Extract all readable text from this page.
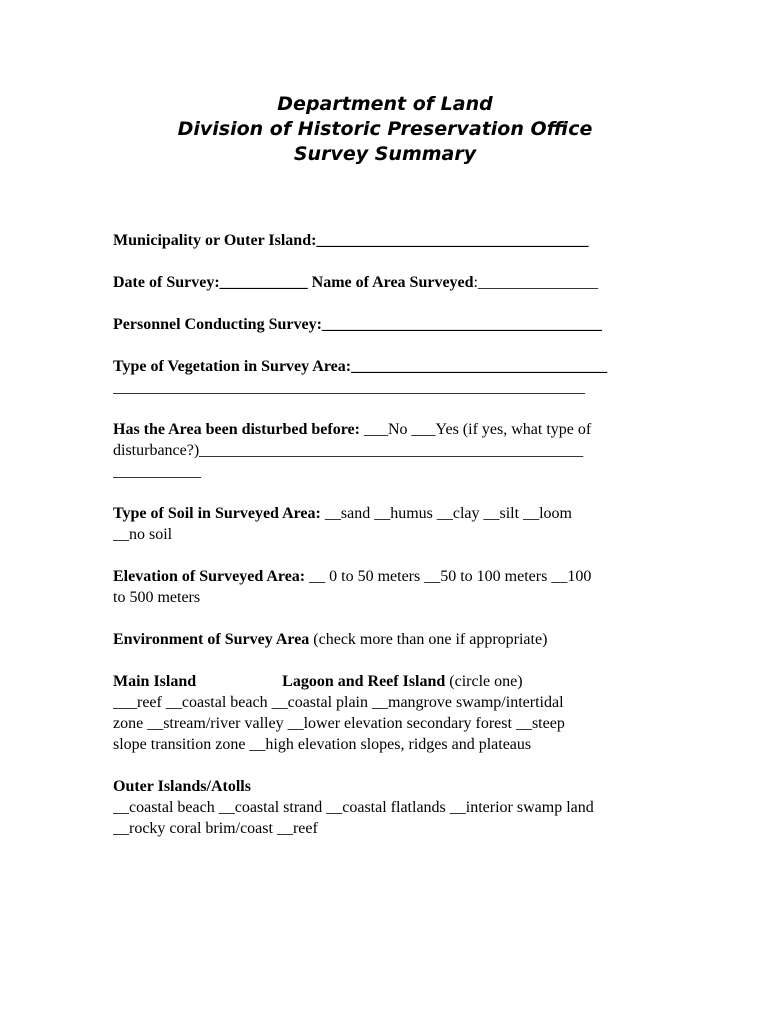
Department of Land
Division of Historic Preservation Office
Survey Summary
Municipality or Outer Island:__________________________________
Date of Survey:___________ Name of Area Surveyed:_______________
Personnel Conducting Survey:___________________________________
Type of Vegetation in Survey Area:________________________________
___________________________________________________________
Has the Area been disturbed before: ___No ___Yes (if yes, what type of
disturbance?)________________________________________________
___________
Type of Soil in Surveyed Area: __sand __humus __clay __silt __loom
__no soil
Elevation of Surveyed Area: __ 0 to 50 meters __50 to 100 meters __100
to 500 meters
Environment of Survey Area (check more than one if appropriate)
Main Island	Lagoon and Reef Island (circle one)
___reef __coastal beach __coastal plain __mangrove swamp/intertidal
zone __stream/river valley __lower elevation secondary forest __steep
slope transition zone __high elevation slopes, ridges and plateaus
Outer Islands/Atolls
__coastal beach __coastal strand __coastal flatlands __interior swamp land
__rocky coral brim/coast __reef
